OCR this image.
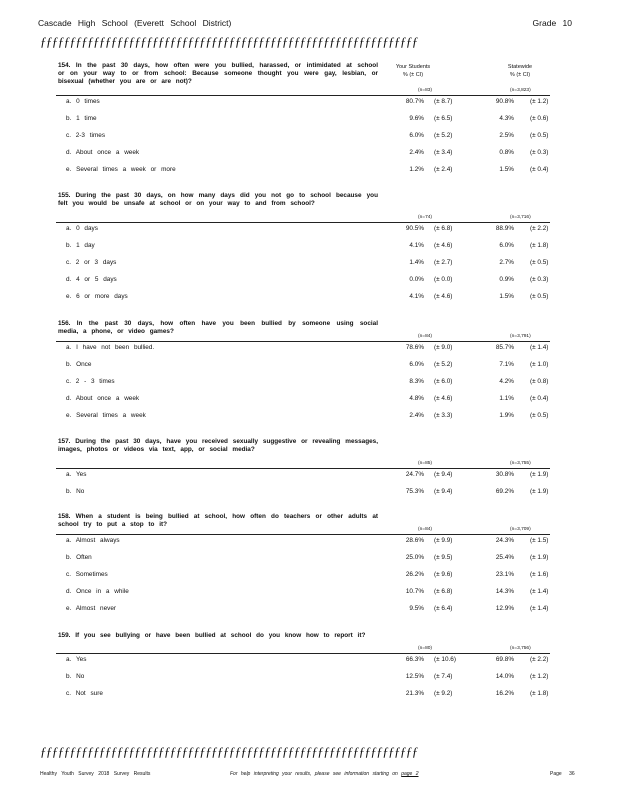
Cascade High School (Everett School District)	Grade 10
ƒƒƒƒƒƒƒƒƒƒƒƒƒƒƒƒƒƒƒƒƒƒƒƒƒƒƒƒƒƒƒƒƒƒƒƒƒƒƒƒƒƒƒƒƒƒƒƒƒƒƒƒƒƒƒƒƒƒƒƒƒƒƒƒ
Your Students
% (± CI)
Statewide
% (± CI)
154. In the past 30 days, how often were you bullied, harassed, or intimidated at school or on your way to or from school: Because someone thought you were gay, lesbian, or bisexual (whether you are or are not)?
(n=83)	(n=3,823)
a. 0 times	80.7% (± 8.7)	90.8%	(± 1.2)
b. 1 time	9.6% (± 6.5)	4.3%	(± 0.6)
c. 2-3 times	6.0% (± 5.2)	2.5%	(± 0.5)
d. About once a week	2.4% (± 3.4)	0.8%	(± 0.3)
e. Several times a week or more	1.2% (± 2.4)	1.5%	(± 0.4)
155. During the past 30 days, on how many days did you not go to school because you felt you would be unsafe at school or on your way to and from school?
(n=74)	(n=3,716)
a. 0 days	90.5% (± 6.8)	88.9%	(± 2.2)
b. 1 day	4.1% (± 4.6)	6.0%	(± 1.8)
c. 2 or 3 days	1.4% (± 2.7)	2.7%	(± 0.5)
d. 4 or 5 days	0.0% (± 0.0)	0.9%	(± 0.3)
e. 6 or more days	4.1% (± 4.6)	1.5%	(± 0.5)
156. In the past 30 days, how often have you been bullied by someone using social media, a phone, or video games?
(n=84)	(n=3,791)
a. I have not been bullied.	78.6% (± 9.0)	85.7%	(± 1.4)
b. Once	6.0% (± 5.2)	7.1%	(± 1.0)
c. 2 - 3 times	8.3% (± 6.0)	4.2%	(± 0.8)
d. About once a week	4.8% (± 4.6)	1.1%	(± 0.4)
e. Several times a week	2.4% (± 3.3)	1.9%	(± 0.5)
157. During the past 30 days, have you received sexually suggestive or revealing messages, images, photos or videos via text, app, or social media?
(n=85)	(n=3,755)
a. Yes	24.7% (± 9.4)	30.8%	(± 1.9)
b. No	75.3% (± 9.4)	69.2%	(± 1.9)
158. When a student is being bullied at school, how often do teachers or other adults at school try to put a stop to it?
(n=84)	(n=3,709)
a. Almost always	28.6% (± 9.9)	24.3%	(± 1.5)
b. Often	25.0% (± 9.5)	25.4%	(± 1.9)
c. Sometimes	26.2% (± 9.6)	23.1%	(± 1.6)
d. Once in a while	10.7% (± 6.8)	14.3%	(± 1.4)
e. Almost never	9.5% (± 6.4)	12.9%	(± 1.4)
159. If you see bullying or have been bullied at school do you know how to report it?
(n=80)	(n=3,756)
a. Yes	66.3% (± 10.6)	69.8%	(± 2.2)
b. No	12.5% (± 7.4)	14.0%	(± 1.2)
c. Not sure	21.3% (± 9.2)	16.2%	(± 1.8)
ƒƒƒƒƒƒƒƒƒƒƒƒƒƒƒƒƒƒƒƒƒƒƒƒƒƒƒƒƒƒƒƒƒƒƒƒƒƒƒƒƒƒƒƒƒƒƒƒƒƒƒƒƒƒƒƒƒƒƒƒƒƒƒƒ
Healthy Youth Survey 2018 Survey Results	For help interpreting your results, please see information starting on page 2	Page 36
